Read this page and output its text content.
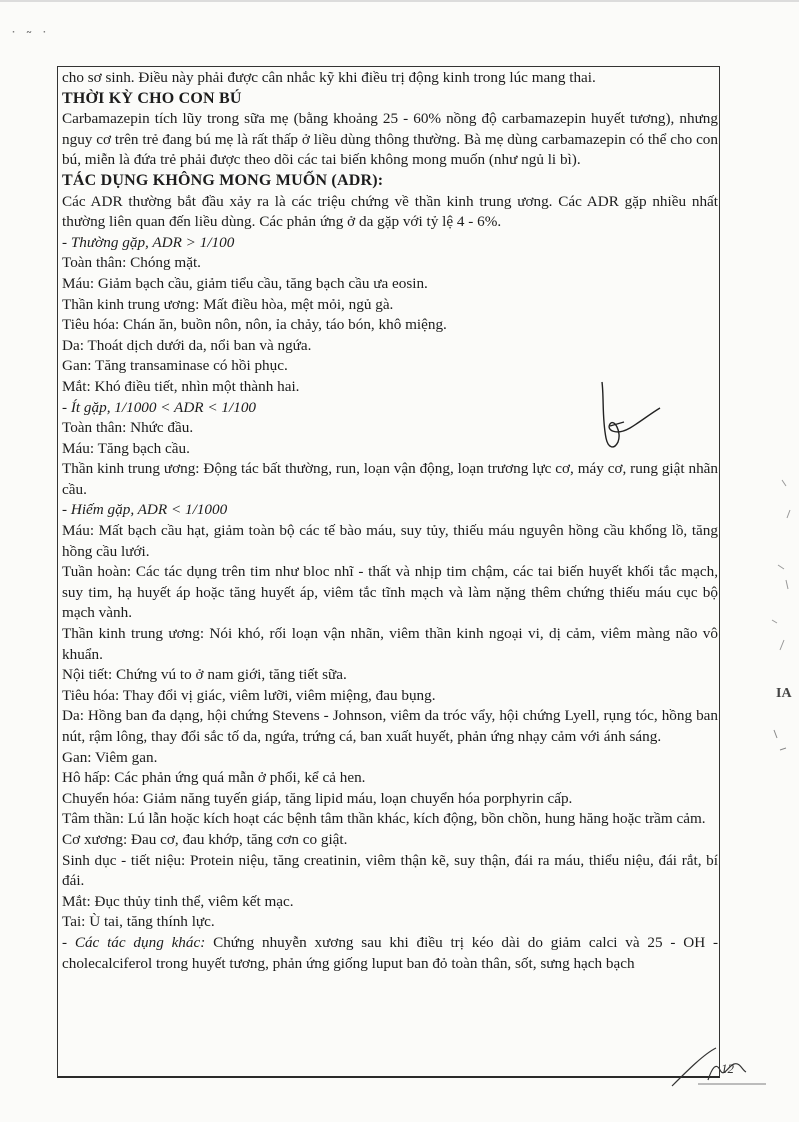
˙ ˜ ˙

cho sơ sinh. Điều này phải được cân nhắc kỹ khi điều trị động kinh trong lúc mang thai.

THỜI KỲ CHO CON BÚ

Carbamazepin tích lũy trong sữa mẹ (bằng khoảng 25 - 60% nồng độ carbamazepin huyết tương), nhưng nguy cơ trên trẻ đang bú mẹ là rất thấp ở liều dùng thông thường. Bà mẹ dùng carbamazepin có thể cho con bú, miễn là đứa trẻ phải được theo dõi các tai biến không mong muốn (như ngủ li bì).

TÁC DỤNG KHÔNG MONG MUỐN (ADR):

Các ADR thường bắt đầu xảy ra là các triệu chứng về thần kinh trung ương. Các ADR gặp nhiều nhất thường liên quan đến liều dùng. Các phản ứng ở da gặp với tỷ lệ 4 - 6%.

- Thường gặp, ADR > 1/100

Toàn thân: Chóng mặt.

Máu: Giảm bạch cầu, giảm tiểu cầu, tăng bạch cầu ưa eosin.

Thần kinh trung ương: Mất điều hòa, mệt mỏi, ngủ gà.

Tiêu hóa: Chán ăn, buồn nôn, nôn, ỉa chảy, táo bón, khô miệng.

Da: Thoát dịch dưới da, nổi ban và ngứa.

Gan: Tăng transaminase có hồi phục.

Mắt: Khó điều tiết, nhìn một thành hai.

- Ít gặp, 1/1000 < ADR < 1/100

Toàn thân: Nhức đầu.

Máu: Tăng bạch cầu.

Thần kinh trung ương: Động tác bất thường, run, loạn vận động, loạn trương lực cơ, máy cơ, rung giật nhãn cầu.

- Hiếm gặp, ADR < 1/1000

Máu: Mất bạch cầu hạt, giảm toàn bộ các tế bào máu, suy tủy, thiếu máu nguyên hồng cầu khổng lồ, tăng hồng cầu lưới.

Tuần hoàn: Các tác dụng trên tim như bloc nhĩ - thất và nhịp tim chậm, các tai biến huyết khối tắc mạch, suy tim, hạ huyết áp hoặc tăng huyết áp, viêm tắc tĩnh mạch và làm nặng thêm chứng thiếu máu cục bộ mạch vành.

Thần kinh trung ương: Nói khó, rối loạn vận nhãn, viêm thần kinh ngoại vi, dị cảm, viêm màng não vô khuẩn.

Nội tiết: Chứng vú to ở nam giới, tăng tiết sữa.

Tiêu hóa: Thay đổi vị giác, viêm lưỡi, viêm miệng, đau bụng.

Da: Hồng ban đa dạng, hội chứng Stevens - Johnson, viêm da tróc vẩy, hội chứng Lyell, rụng tóc, hồng ban nút, rậm lông, thay đổi sắc tố da, ngứa, trứng cá, ban xuất huyết, phản ứng nhạy cảm với ánh sáng.

Gan: Viêm gan.

Hô hấp: Các phản ứng quá mẫn ở phổi, kể cả hen.

Chuyển hóa: Giảm năng tuyến giáp, tăng lipid máu, loạn chuyển hóa porphyrin cấp.

Tâm thần: Lú lẫn hoặc kích hoạt các bệnh tâm thần khác, kích động, bồn chồn, hung hăng hoặc trầm cảm.

Cơ xương: Đau cơ, đau khớp, tăng cơn co giật.

Sinh dục - tiết niệu: Protein niệu, tăng creatinin, viêm thận kẽ, suy thận, đái ra máu, thiểu niệu, đái rắt, bí đái.

Mắt: Đục thủy tinh thể, viêm kết mạc.

Tai: Ù tai, tăng thính lực.

- Các tác dụng khác: Chứng nhuyễn xương sau khi điều trị kéo dài do giảm calci và 25 - OH - cholecalciferol trong huyết tương, phản ứng giống luput ban đỏ toàn thân, sốt, sưng hạch bạch

IA
12
